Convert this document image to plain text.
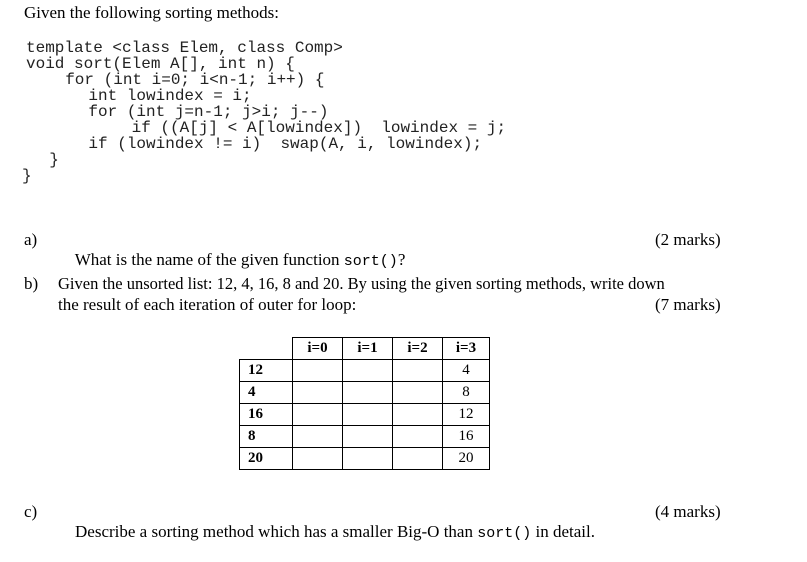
Given the following sorting methods:
template <class Elem, class Comp>
void sort(Elem A[], int n) {
for (int i=0; i<n-1; i++) {
int lowindex = i;
for (int j=n-1; j>i; j--)
if ((A[j] < A[lowindex])  lowindex = j;
if (lowindex != i)  swap(A, i, lowindex);
}
}
a)

What is the name of the given function sort()?

(2 marks)
b) Given the unsorted list: 12, 4, 16, 8 and 20. By using the given sorting methods, write down
the result of each iteration of outer for loop:	(7 marks)
	i=0	i=1	i=2	i=3
12				4
4				8
16				12
8				16
20				20
c)

Describe a sorting method which has a smaller Big-O than sort() in detail.

(4 marks)
